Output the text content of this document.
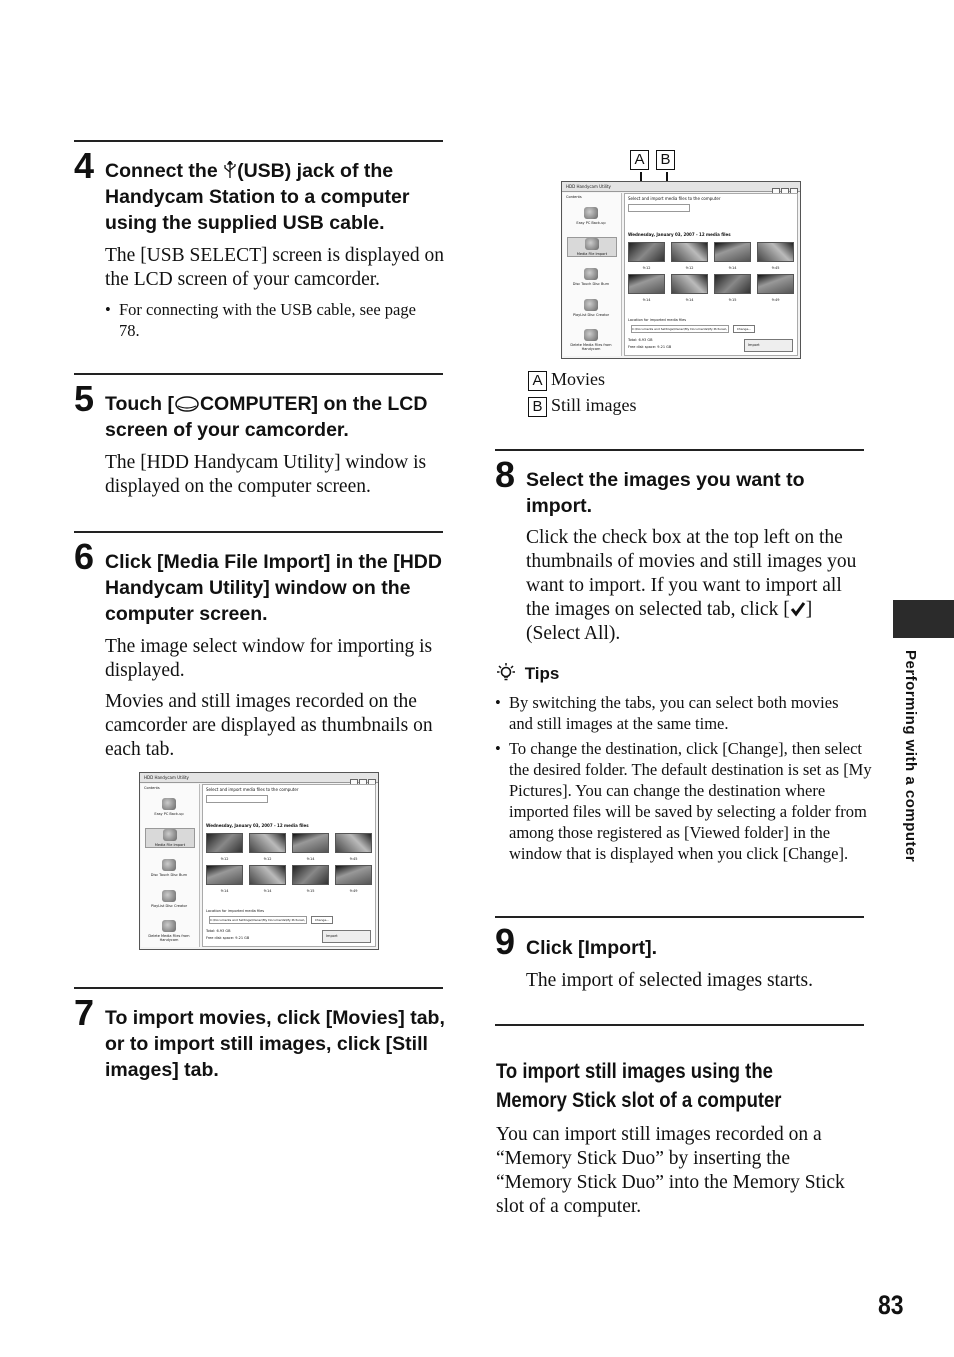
4 Connect the (USB) jack of the Handycam Station to a computer using the supplied USB cable.
The [USB SELECT] screen is displayed on the LCD screen of your camcorder.
• For connecting with the USB cable, see page 78.
5 Touch [ COMPUTER] on the LCD screen of your camcorder.
The [HDD Handycam Utility] window is displayed on the computer screen.
6 Click [Media File Import] in the [HDD Handycam Utility] window on the computer screen.
The image select window for importing is displayed.
Movies and still images recorded on the camcorder are displayed as thumbnails on each tab.
HDD Handycam Utility
Contents
Easy PC Back-up
Media File Import
Disc Touch Disc Burn
PlayList Disc Creator
Delete Media Files from Handycam
Select and import media files to the computer
Wednesday, January 03, 2007 - 12 media files
9:12	9:12	9:14	9:45
9:14	9:14	9:15	9:49
Location for imported media files
C:\Documents and Settings\Owner\My Documents\My Pictures\	Change...
Total: 6.93 GB
Free disk space: 9.21 GB	Import
7 To import movies, click [Movies] tab, or to import still images, click [Still images] tab.
A	B
HDD Handycam Utility
Contents
Easy PC Back-up
Media File Import
Disc Touch Disc Burn
PlayList Disc Creator
Delete Media Files from Handycam
Select and import media files to the computer
Wednesday, January 03, 2007 - 12 media files
9:12	9:12	9:14	9:45
9:14	9:14	9:15	9:49
Location for imported media files
C:\Documents and Settings\Owner\My Documents\My Pictures\	Change...
Total: 6.93 GB
Free disk space: 9.21 GB	Import
A Movies
B Still images
8 Select the images you want to import.
Click the check box at the top left on the thumbnails of movies and still images you want to import. If you want to import all the images on selected tab, click [ ] (Select All).
Tips
• By switching the tabs, you can select both movies and still images at the same time.
• To change the destination, click [Change], then select the desired folder. The default destination is set as [My Pictures]. You can change the destination where imported files will be saved by selecting a folder from among those registered as [Viewed folder] in the window that is displayed when you click [Change].
9 Click [Import].
The import of selected images starts.
To import still images using the Memory Stick slot of a computer
You can import still images recorded on a “Memory Stick Duo” by inserting the “Memory Stick Duo” into the Memory Stick slot of a computer.
Performing with a computer
83
